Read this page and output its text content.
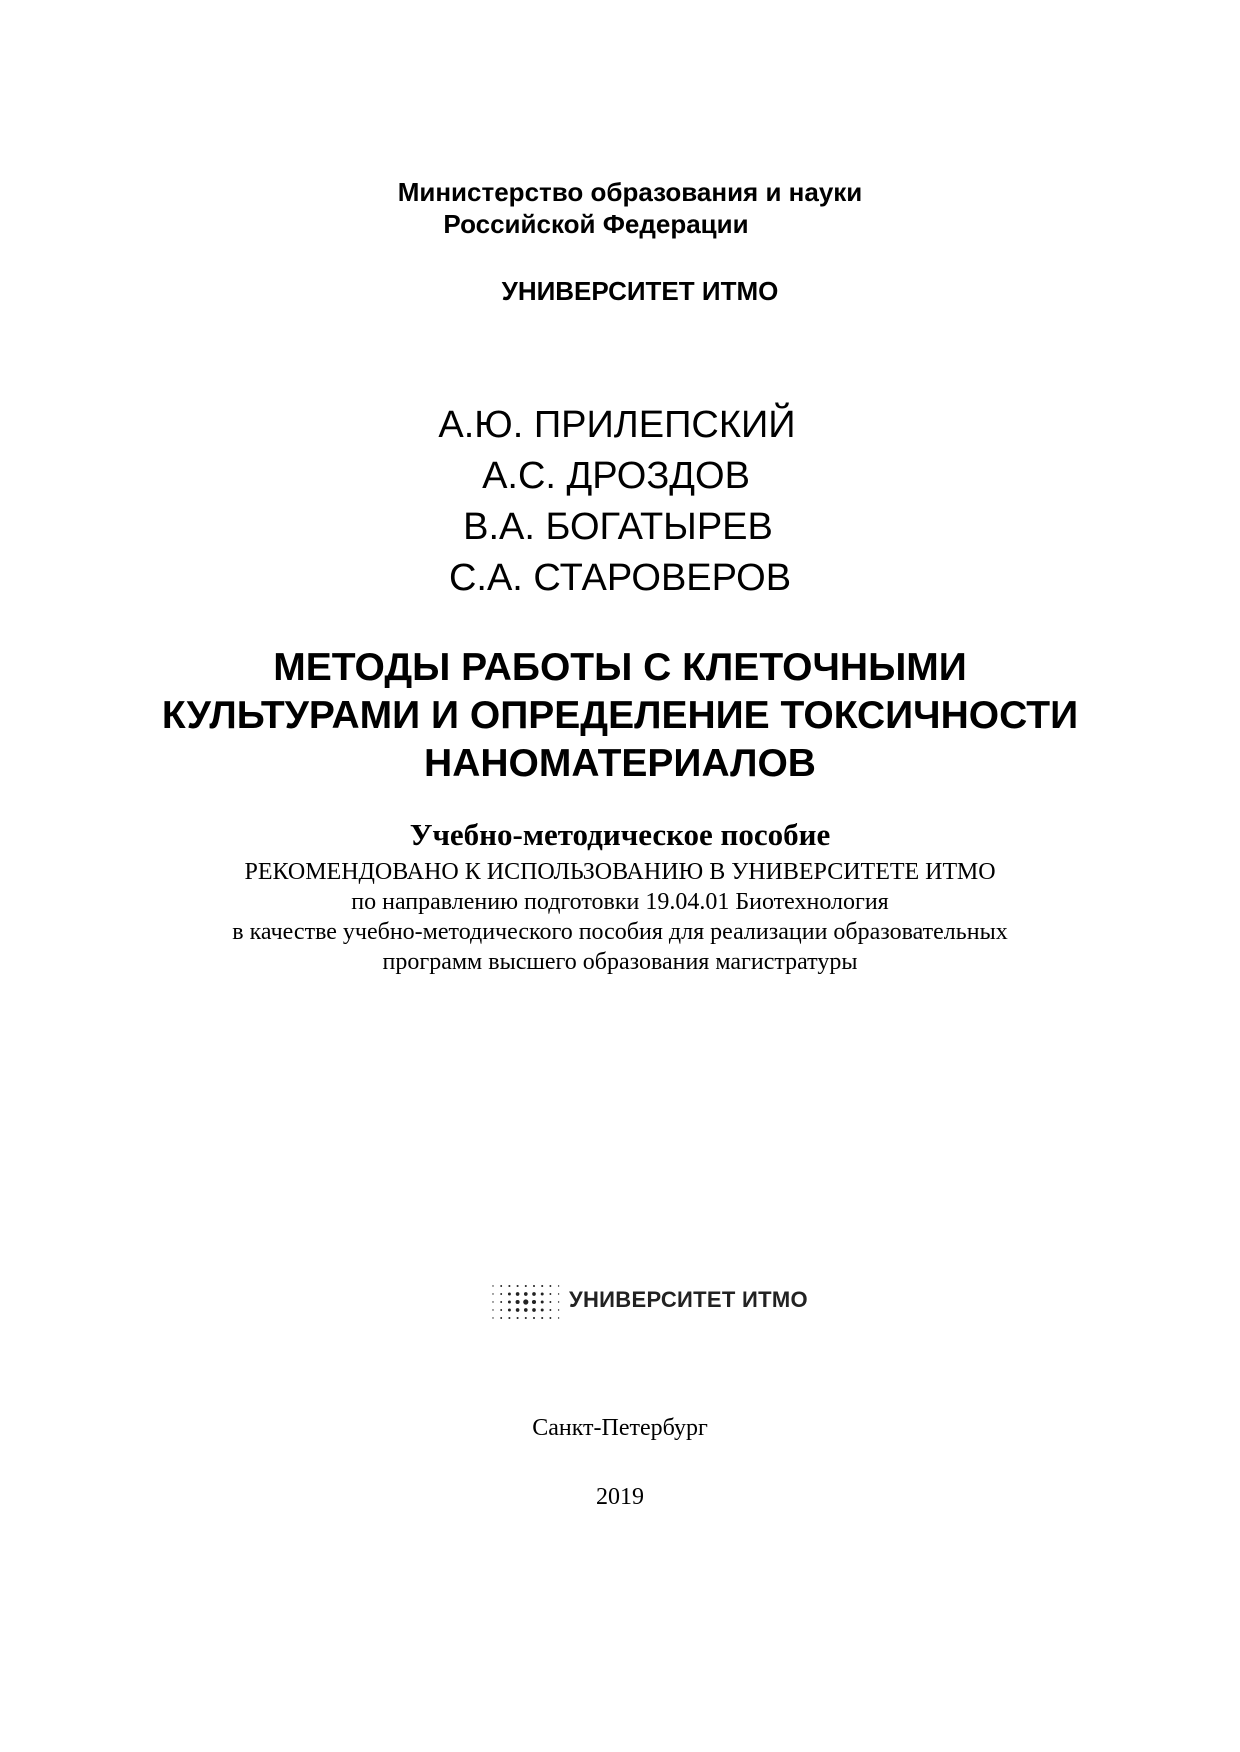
Министерство образования и науки
Российской Федерации
УНИВЕРСИТЕТ ИТМО
А.Ю. ПРИЛЕПСКИЙ
А.С. ДРОЗДОВ
В.А. БОГАТЫРЕВ
С.А. СТАРОВЕРОВ
МЕТОДЫ РАБОТЫ С КЛЕТОЧНЫМИ
КУЛЬТУРАМИ И ОПРЕДЕЛЕНИЕ ТОКСИЧНОСТИ
НАНОМАТЕРИАЛОВ
Учебно-методическое пособие
РЕКОМЕНДОВАНО К ИСПОЛЬЗОВАНИЮ В УНИВЕРСИТЕТЕ ИТМО
по направлению подготовки 19.04.01 Биотехнология
в качестве учебно-методического пособия для реализации образовательных
программ высшего образования магистратуры
УНИВЕРСИТЕТ ИТМО
Санкт-Петербург
2019
